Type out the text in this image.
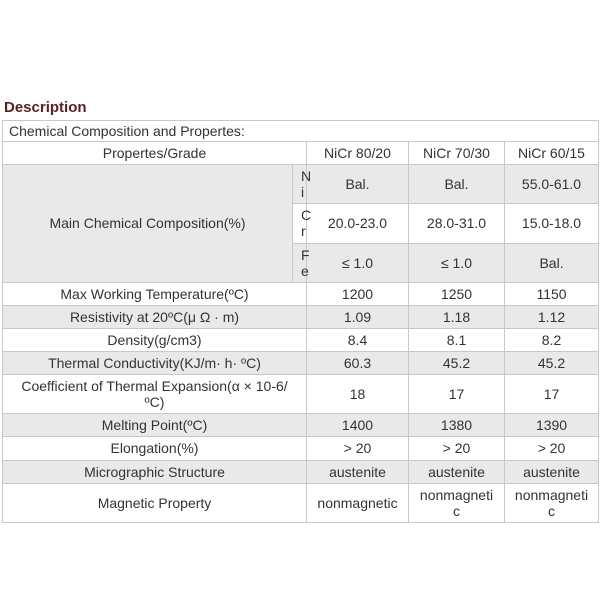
Description
Chemical Composition and Propertes:				
Propertes/Grade		NiCr 80/20	NiCr 70/30	NiCr 60/15
Main Chemical Composition(%)	Ni	Bal.	Bal.	55.0-61.0
	Cr	20.0-23.0	28.0-31.0	15.0-18.0
	Fe	≤ 1.0	≤ 1.0	Bal.
Max Working Temperature(ºC)		1200	1250	1150
Resistivity at 20ºC(μ Ω · m)		1.09	1.18	1.12
Density(g/cm3)		8.4	8.1	8.2
Thermal Conductivity(KJ/m· h· ºC)		60.3	45.2	45.2
Coefficient of Thermal Expansion(α × 10-6/ ºC)		18	17	17
Melting Point(ºC)		1400	1380	1390
Elongation(%)		> 20	> 20	> 20
Micrographic Structure		austenite	austenite	austenite
Magnetic Property		nonmagnetic	nonmagnetic	nonmagnetic
